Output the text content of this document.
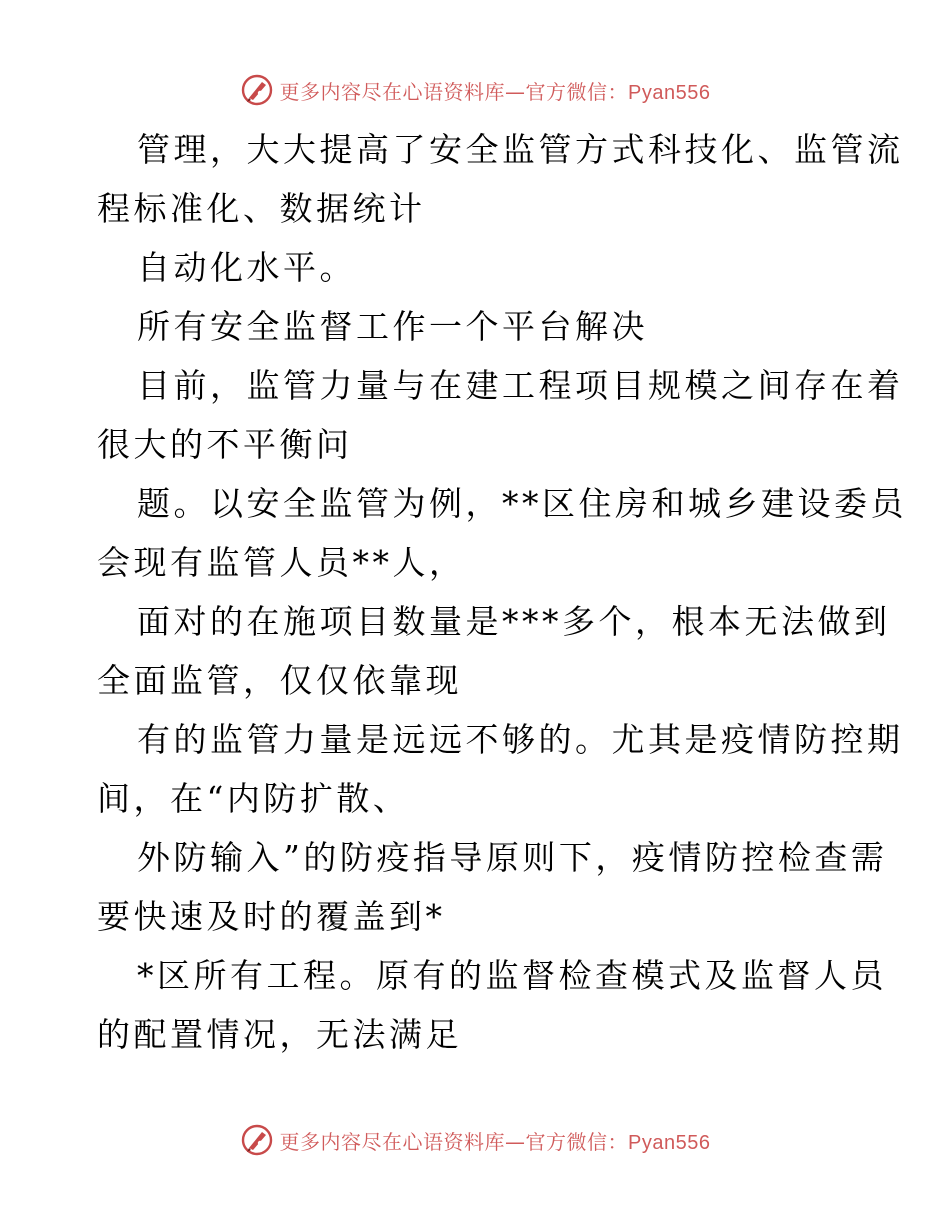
更多内容尽在心语资料库—官方微信：Pyan556
管理，大大提高了安全监管方式科技化、监管流
程标准化、数据统计
自动化水平。
所有安全监督工作一个平台解决
目前，监管力量与在建工程项目规模之间存在着
很大的不平衡问
题。以安全监管为例，**区住房和城乡建设委员
会现有监管人员**人，
面对的在施项目数量是***多个，根本无法做到
全面监管，仅仅依靠现
有的监管力量是远远不够的。尤其是疫情防控期
间，在“内防扩散、
外防输入”的防疫指导原则下，疫情防控检查需
要快速及时的覆盖到*
*区所有工程。原有的监督检查模式及监督人员
的配置情况，无法满足
更多内容尽在心语资料库—官方微信：Pyan556
